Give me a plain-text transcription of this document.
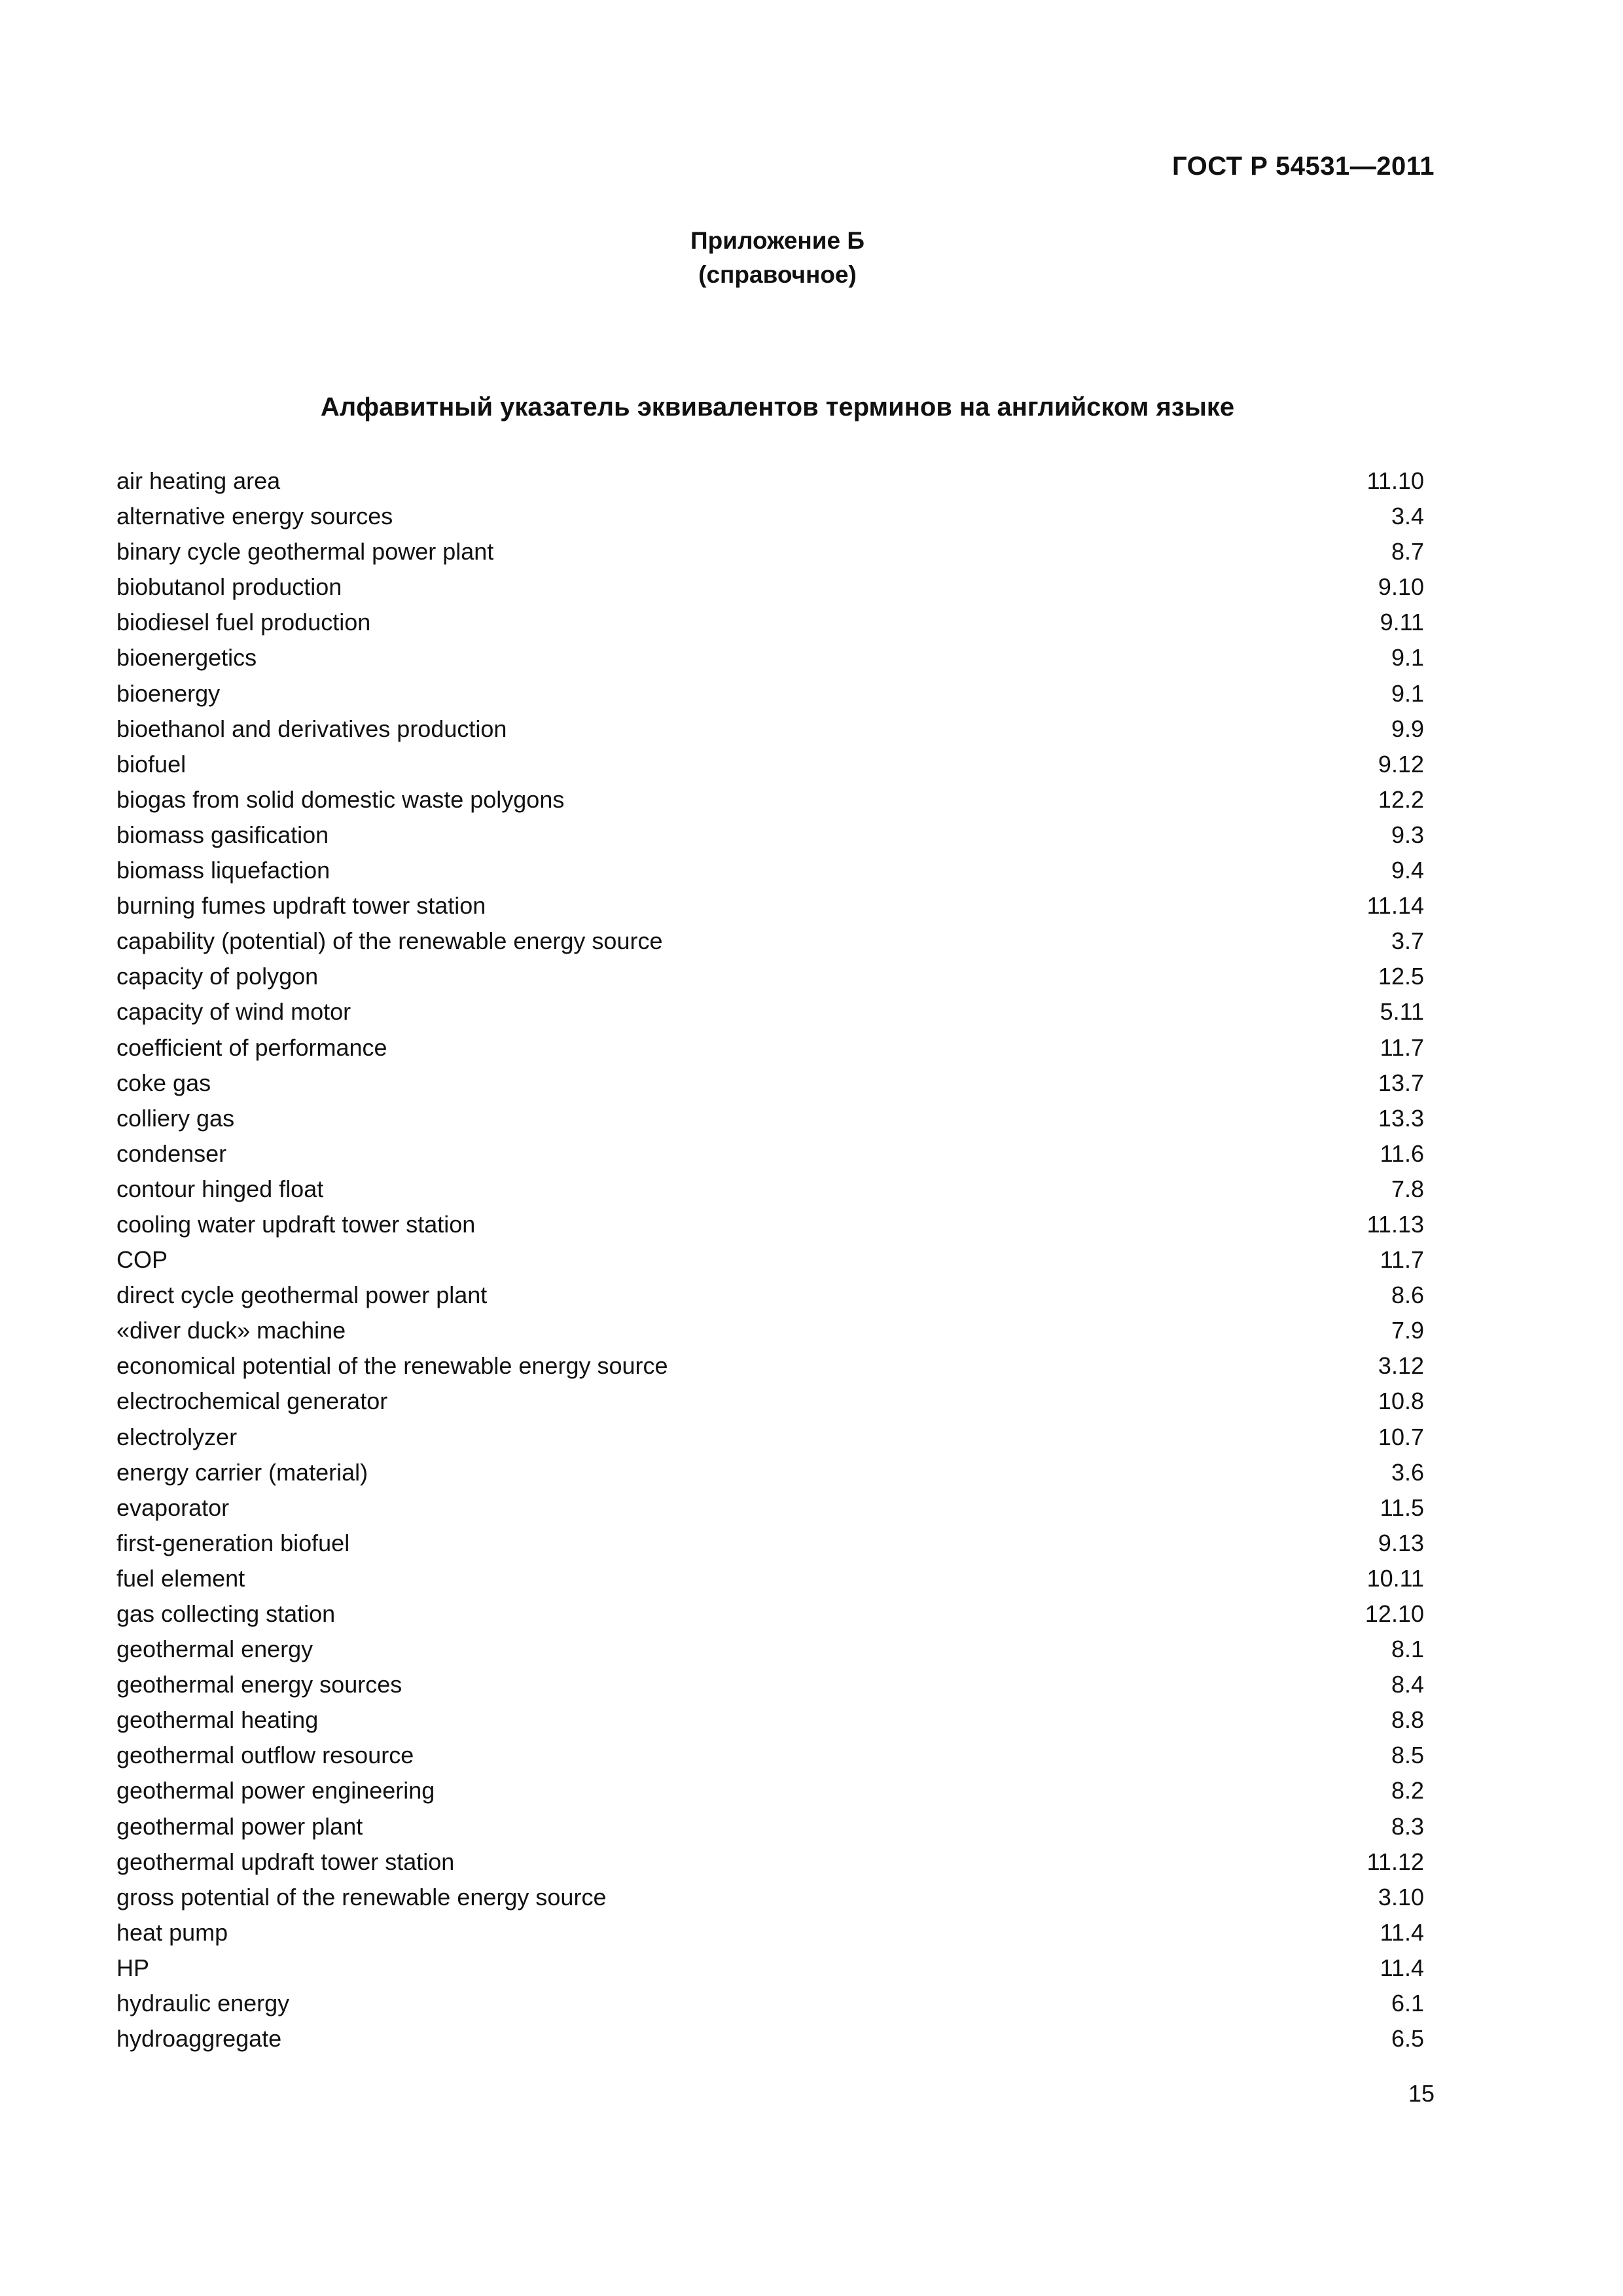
ГОСТ Р 54531—2011
Приложение Б
(справочное)
Алфавитный указатель эквивалентов терминов на английском языке
air heating area	11.10
alternative energy sources	3.4
binary cycle geothermal power plant	8.7
biobutanol production	9.10
biodiesel fuel production	9.11
bioenergetics	9.1
bioenergy	9.1
bioethanol and derivatives production	9.9
biofuel	9.12
biogas from solid domestic waste polygons	12.2
biomass gasification	9.3
biomass liquefaction	9.4
burning fumes updraft tower station	11.14
capability (potential) of the renewable energy source	3.7
capacity of polygon	12.5
capacity of wind motor	5.11
coefficient of performance	11.7
coke gas	13.7
colliery gas	13.3
condenser	11.6
contour hinged float	7.8
cooling water updraft tower station	11.13
COP	11.7
direct cycle geothermal power plant	8.6
«diver duck» machine	7.9
economical potential of the renewable energy source	3.12
electrochemical generator	10.8
electrolyzer	10.7
energy carrier (material)	3.6
evaporator	11.5
first-generation biofuel	9.13
fuel element	10.11
gas collecting station	12.10
geothermal energy	8.1
geothermal energy sources	8.4
geothermal heating	8.8
geothermal outflow resource	8.5
geothermal power engineering	8.2
geothermal power plant	8.3
geothermal updraft tower station	11.12
gross potential of the renewable energy source	3.10
heat pump	11.4
HP	11.4
hydraulic energy	6.1
hydroaggregate	6.5
15
